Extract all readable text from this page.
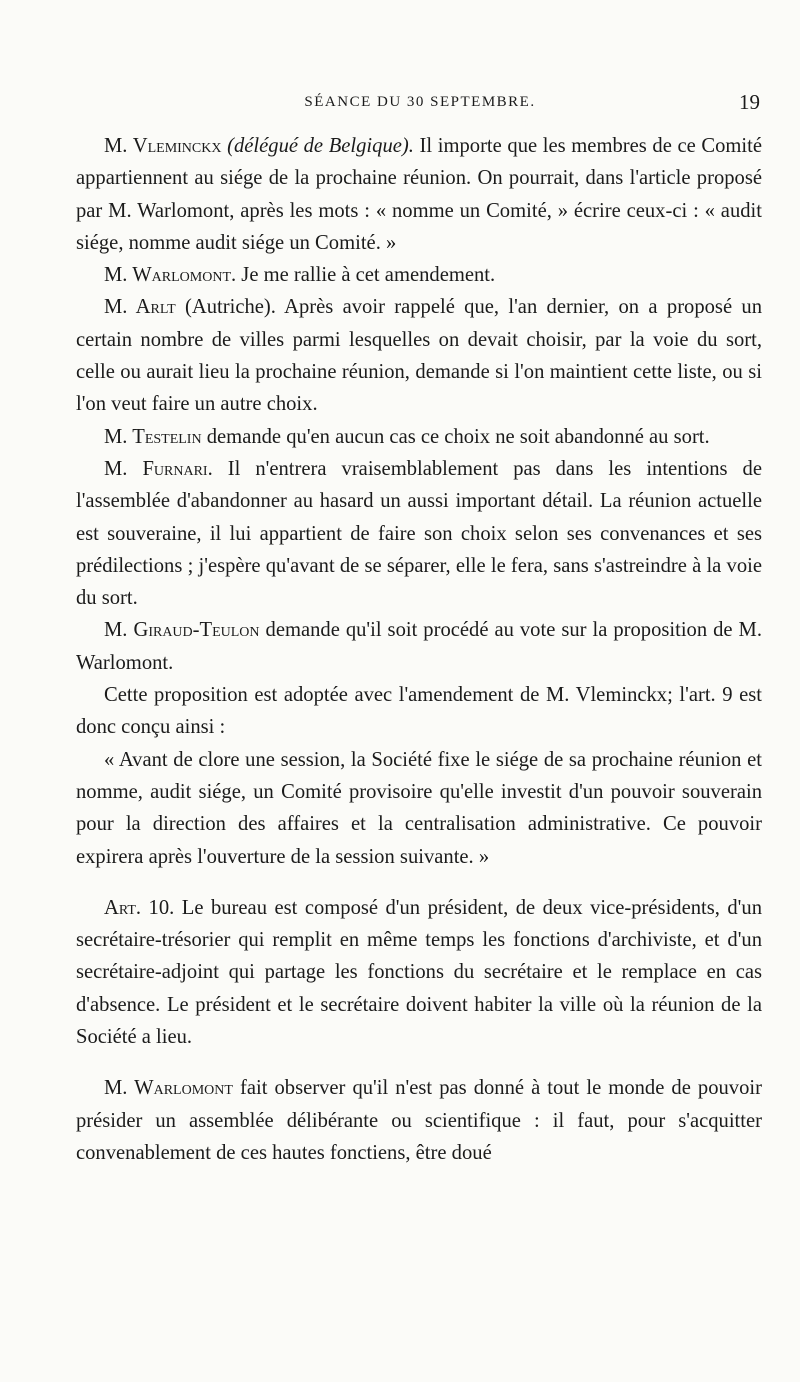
SÉANCE DU 30 SEPTEMBRE.	19

M. Vleminckx (délégué de Belgique). Il importe que les membres de ce Comité appartiennent au siége de la prochaine réunion. On pourrait, dans l'article proposé par M. Warlomont, après les mots : « nomme un Comité, » écrire ceux-ci : « audit siége, nomme audit siége un Comité. »

M. Warlomont. Je me rallie à cet amendement.

M. Arlt (Autriche). Après avoir rappelé que, l'an dernier, on a proposé un certain nombre de villes parmi lesquelles on devait choisir, par la voie du sort, celle ou aurait lieu la prochaine réunion, demande si l'on maintient cette liste, ou si l'on veut faire un autre choix.

M. Testelin demande qu'en aucun cas ce choix ne soit abandonné au sort.

M. Furnari. Il n'entrera vraisemblablement pas dans les intentions de l'assemblée d'abandonner au hasard un aussi important détail. La réunion actuelle est souveraine, il lui appartient de faire son choix selon ses convenances et ses prédilections ; j'espère qu'avant de se séparer, elle le fera, sans s'astreindre à la voie du sort.

M. Giraud-Teulon demande qu'il soit procédé au vote sur la proposition de M. Warlomont.

Cette proposition est adoptée avec l'amendement de M. Vleminckx; l'art. 9 est donc conçu ainsi :

« Avant de clore une session, la Société fixe le siége de sa prochaine réunion et nomme, audit siége, un Comité provisoire qu'elle investit d'un pouvoir souverain pour la direction des affaires et la centralisation administrative. Ce pouvoir expirera après l'ouverture de la session suivante. »

Art. 10. Le bureau est composé d'un président, de deux vice-présidents, d'un secrétaire-trésorier qui remplit en même temps les fonctions d'archiviste, et d'un secrétaire-adjoint qui partage les fonctions du secrétaire et le remplace en cas d'absence. Le président et le secrétaire doivent habiter la ville où la réunion de la Société a lieu.

M. Warlomont fait observer qu'il n'est pas donné à tout le monde de pouvoir présider un assemblée délibérante ou scientifique : il faut, pour s'acquitter convenablement de ces hautes fonctiens, être doué
